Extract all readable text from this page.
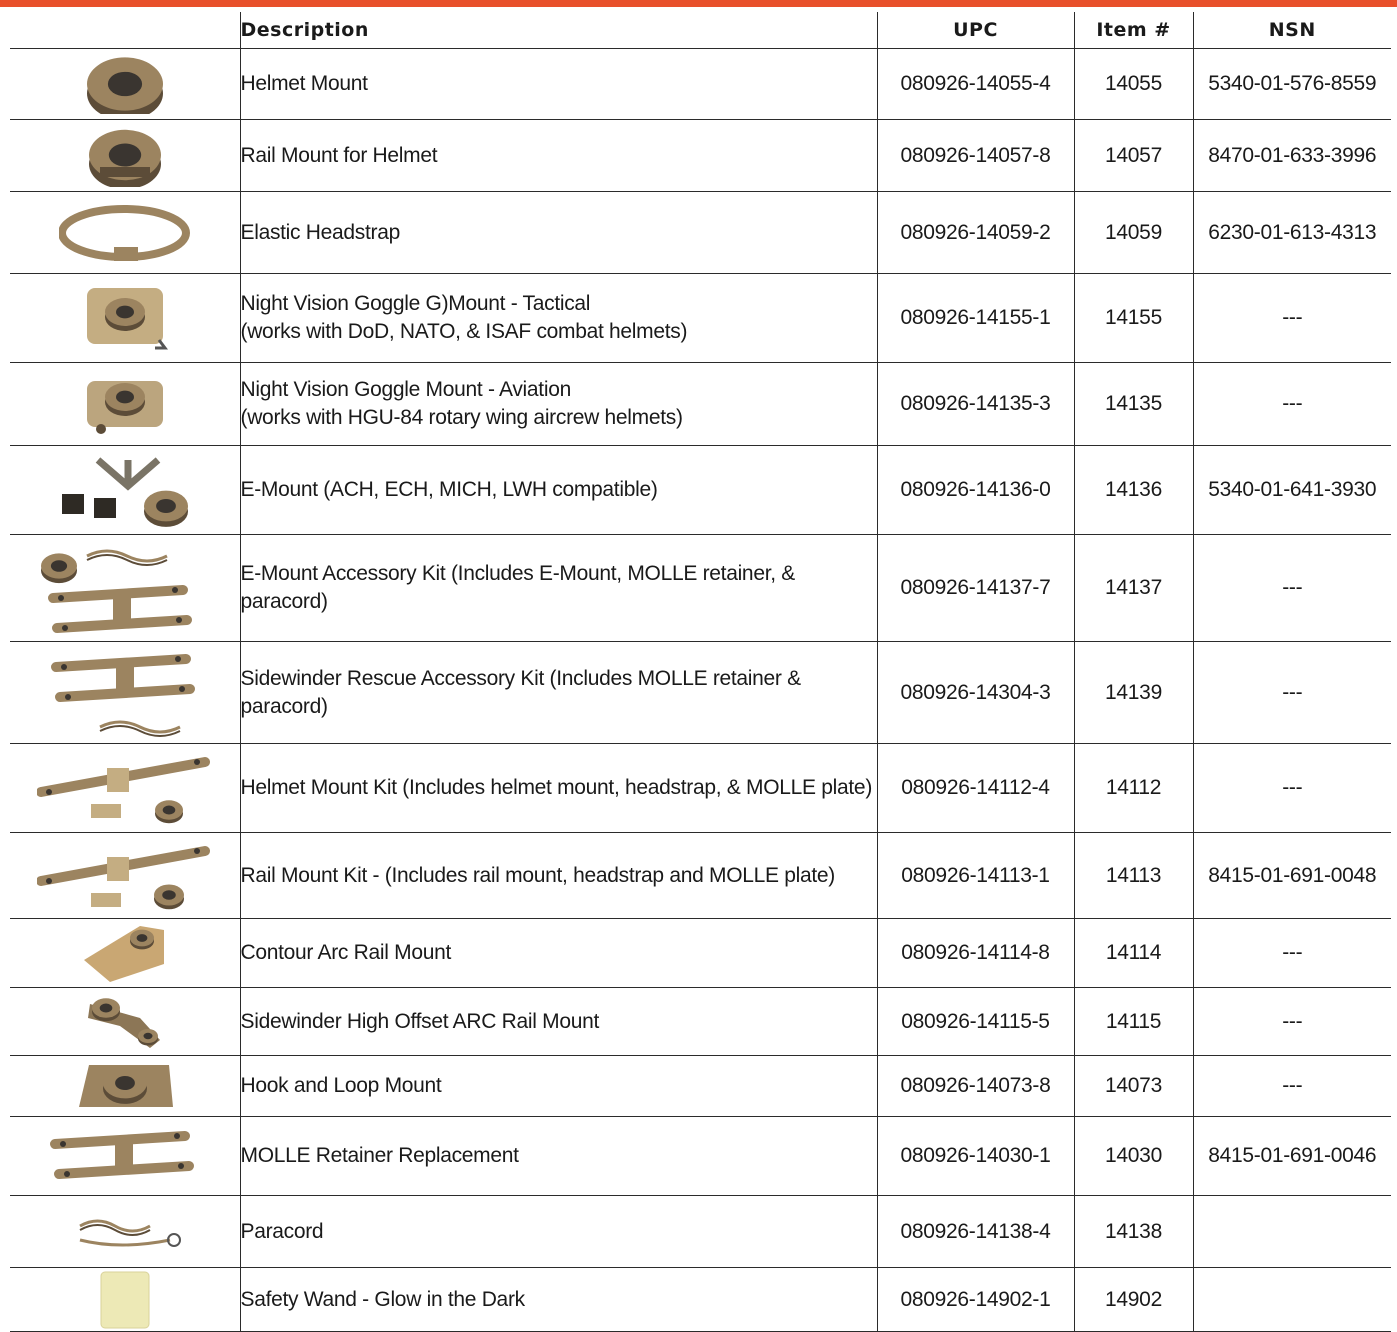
	Description	UPC	Item #	NSN

Helmet Mount	080926-14055-4	14055	5340-01-576-8559

Rail Mount for Helmet	080926-14057-8	14057	8470-01-633-3996

Elastic Headstrap	080926-14059-2	14059	6230-01-613-4313

Night Vision Goggle G)Mount - Tactical
(works with DoD, NATO, & ISAF combat helmets)	080926-14155-1	14155	---

Night Vision Goggle Mount - Aviation
(works with HGU-84 rotary wing aircrew helmets)	080926-14135-3	14135	---

E-Mount (ACH, ECH, MICH, LWH compatible)	080926-14136-0	14136	5340-01-641-3930

E-Mount Accessory Kit (Includes E-Mount, MOLLE retainer, & paracord)	080926-14137-7	14137	---

Sidewinder Rescue Accessory Kit (Includes MOLLE retainer & paracord)	080926-14304-3	14139	---

Helmet Mount Kit (Includes helmet mount, headstrap, & MOLLE plate)	080926-14112-4	14112	---

Rail Mount Kit - (Includes rail mount, headstrap and MOLLE plate)	080926-14113-1	14113	8415-01-691-0048

Contour Arc Rail Mount	080926-14114-8	14114	---

Sidewinder High Offset ARC Rail Mount	080926-14115-5	14115	---

Hook and Loop Mount	080926-14073-8	14073	---

MOLLE Retainer Replacement	080926-14030-1	14030	8415-01-691-0046

Paracord	080926-14138-4	14138	

Safety Wand - Glow in the Dark	080926-14902-1	14902	
